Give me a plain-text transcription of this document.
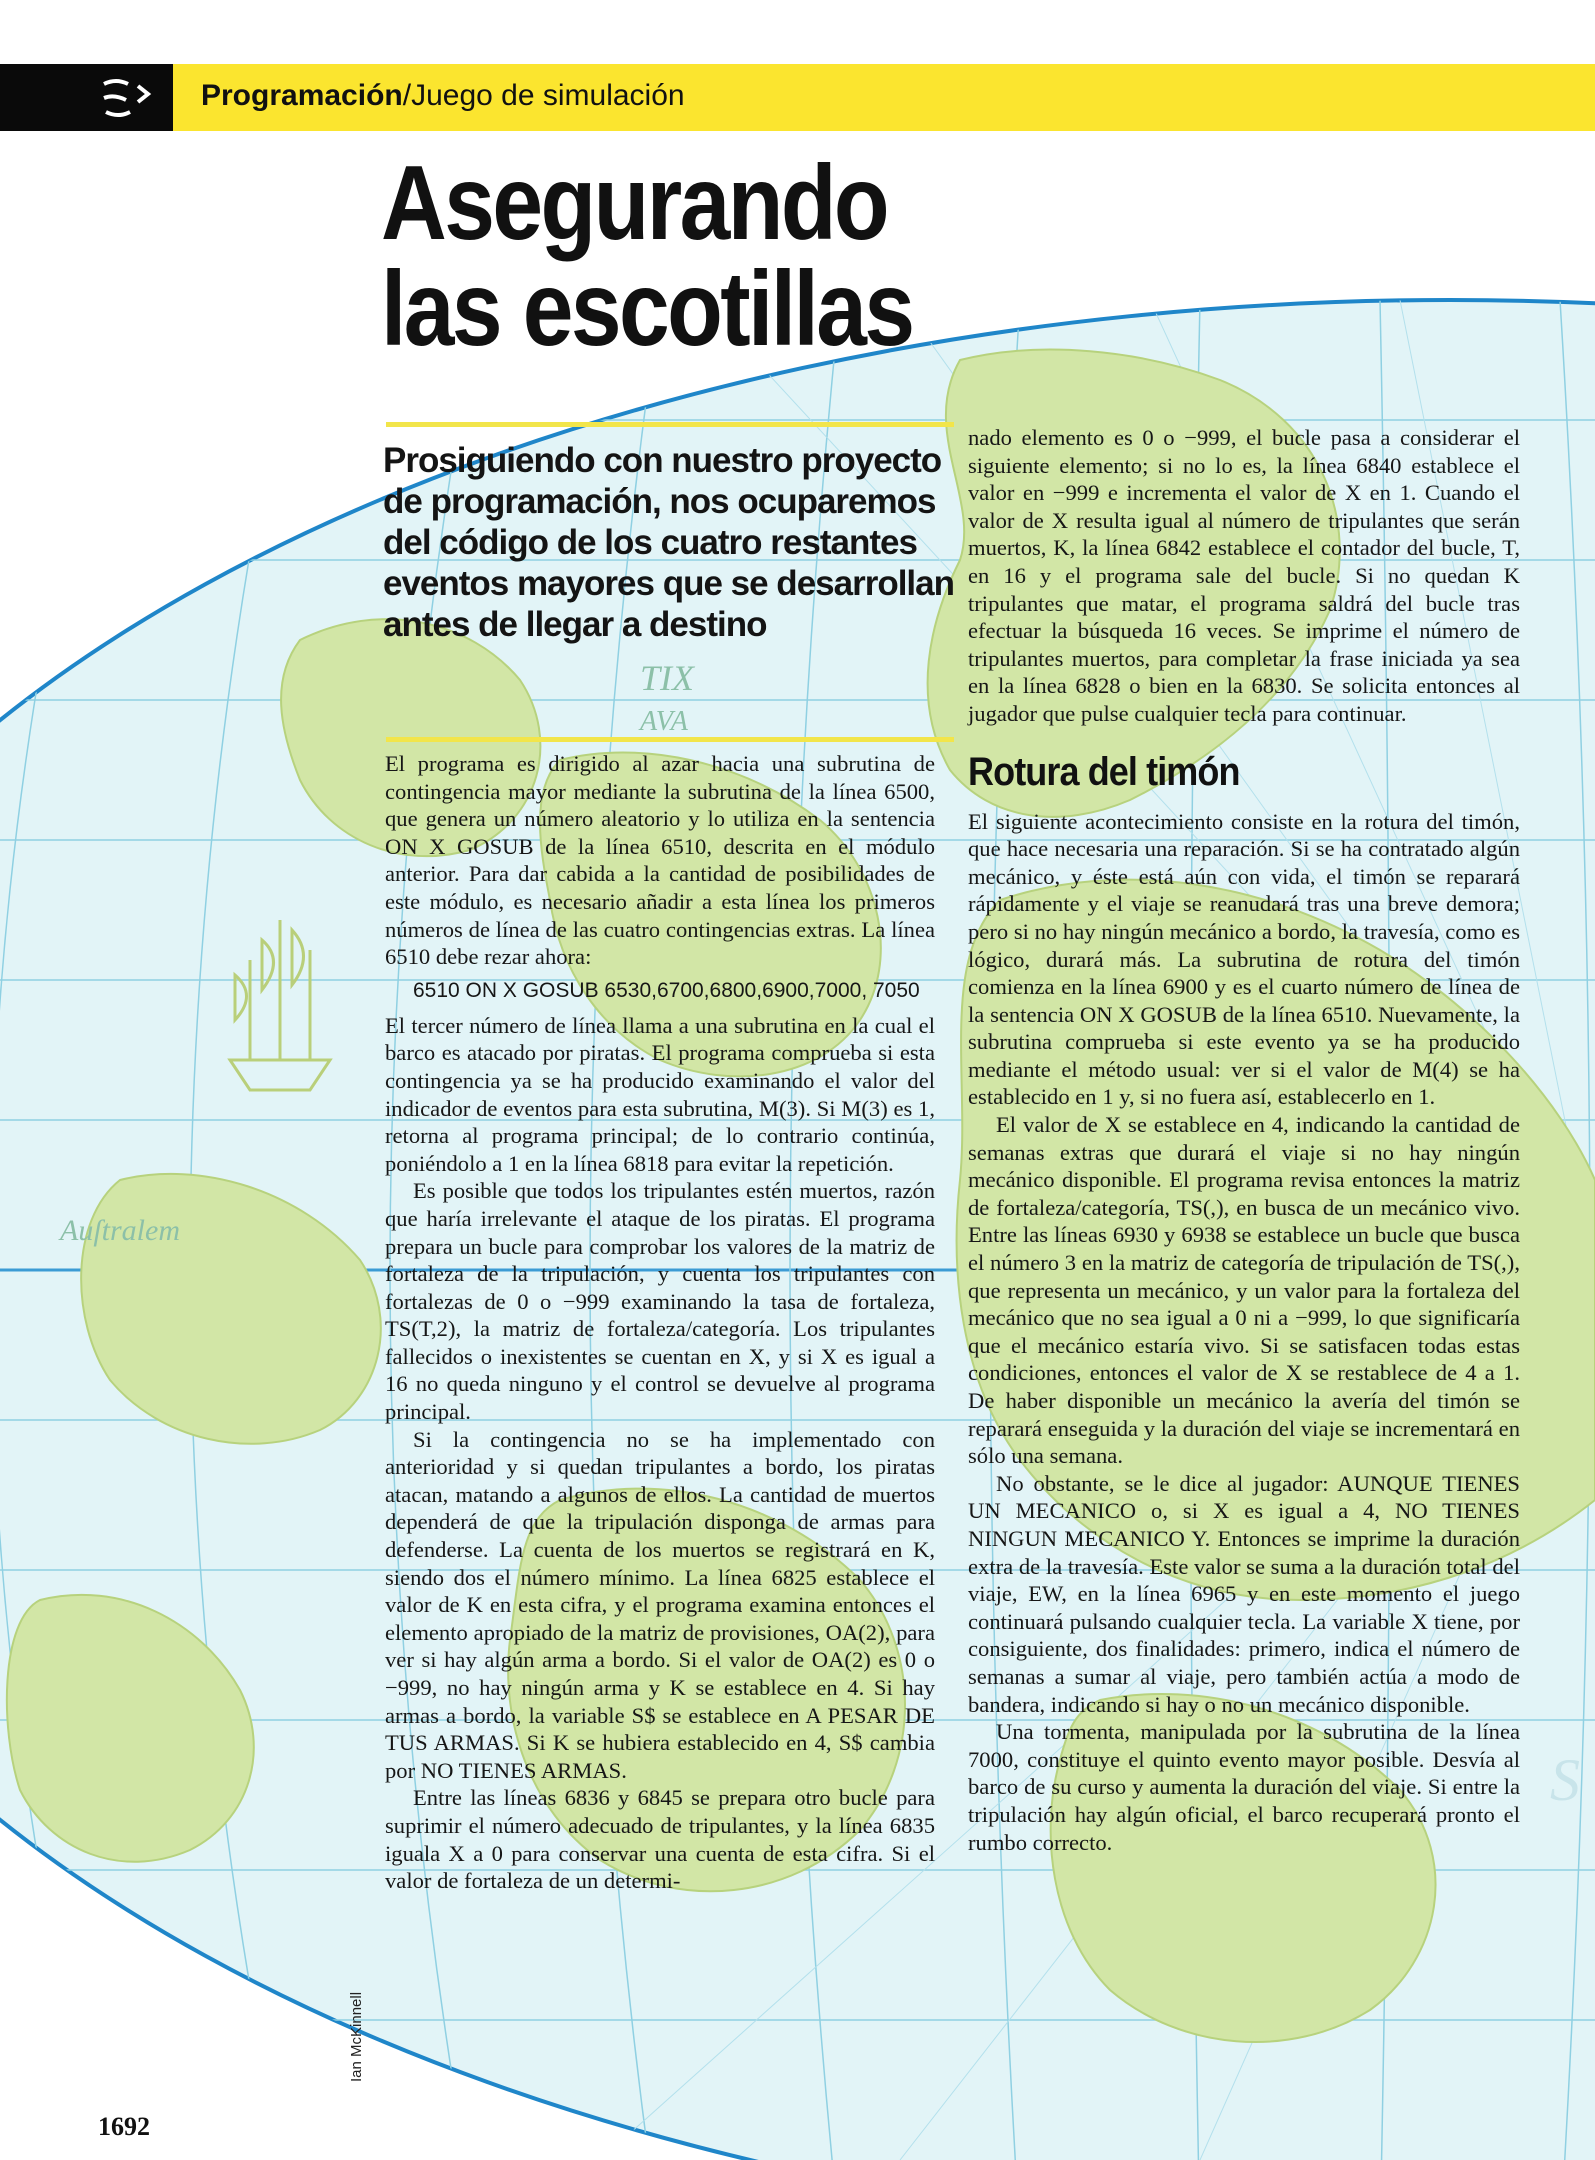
Auſtralem
TIX
AVA
S
Programación/Juego de simulación
Asegurando
las escotillas
Prosiguiendo con nuestro proyecto de programación, nos ocuparemos del código de los cuatro restantes eventos mayores que se desarrollan antes de llegar a destino

El programa es dirigido al azar hacia una subrutina de contingencia mayor mediante la subrutina de la línea 6500, que genera un número aleatorio y lo utiliza en la sentencia ON X GOSUB de la línea 6510, descrita en el módulo anterior. Para dar cabida a la cantidad de posibilidades de este módulo, es necesario añadir a esta línea los primeros números de línea de las cuatro contingencias extras. La línea 6510 debe rezar ahora:

6510 ON X GOSUB 6530,6700,6800,6900,7000, 7050

El tercer número de línea llama a una subrutina en la cual el barco es atacado por piratas. El programa comprueba si esta contingencia ya se ha producido examinando el valor del indicador de eventos para esta subrutina, M(3). Si M(3) es 1, retorna al programa principal; de lo contrario continúa, poniéndolo a 1 en la línea 6818 para evitar la repetición.

Es posible que todos los tripulantes estén muertos, razón que haría irrelevante el ataque de los piratas. El programa prepara un bucle para comprobar los valores de la matriz de fortaleza de la tripulación, y cuenta los tripulantes con fortalezas de 0 o −999 examinando la tasa de fortaleza, TS(T,2), la matriz de fortaleza/categoría. Los tripulantes fallecidos o inexistentes se cuentan en X, y si X es igual a 16 no queda ninguno y el control se devuelve al programa principal.

Si la contingencia no se ha implementado con anterioridad y si quedan tripulantes a bordo, los piratas atacan, matando a algunos de ellos. La cantidad de muertos dependerá de que la tripulación disponga de armas para defenderse. La cuenta de los muertos se registrará en K, siendo dos el número mínimo. La línea 6825 establece el valor de K en esta cifra, y el programa examina entonces el elemento apropiado de la matriz de provisiones, OA(2), para ver si hay algún arma a bordo. Si el valor de OA(2) es 0 o −999, no hay ningún arma y K se establece en 4. Si hay armas a bordo, la variable S$ se establece en A PESAR DE TUS ARMAS. Si K se hubiera establecido en 4, S$ cambia por NO TIENES ARMAS.

Entre las líneas 6836 y 6845 se prepara otro bucle para suprimir el número adecuado de tripulantes, y la línea 6835 iguala X a 0 para conservar una cuenta de esta cifra. Si el valor de fortaleza de un determi-

nado elemento es 0 o −999, el bucle pasa a considerar el siguiente elemento; si no lo es, la línea 6840 establece el valor en −999 e incrementa el valor de X en 1. Cuando el valor de X resulta igual al número de tripulantes que serán muertos, K, la línea 6842 establece el contador del bucle, T, en 16 y el programa sale del bucle. Si no quedan K tripulantes que matar, el programa saldrá del bucle tras efectuar la búsqueda 16 veces. Se imprime el número de tripulantes muertos, para completar la frase iniciada ya sea en la línea 6828 o bien en la 6830. Se solicita entonces al jugador que pulse cualquier tecla para continuar.

Rotura del timón

El siguiente acontecimiento consiste en la rotura del timón, que hace necesaria una reparación. Si se ha contratado algún mecánico, y éste está aún con vida, el timón se reparará rápidamente y el viaje se reanudará tras una breve demora; pero si no hay ningún mecánico a bordo, la travesía, como es lógico, durará más. La subrutina de rotura del timón comienza en la línea 6900 y es el cuarto número de línea de la sentencia ON X GOSUB de la línea 6510. Nuevamente, la subrutina comprueba si este evento ya se ha producido mediante el método usual: ver si el valor de M(4) se ha establecido en 1 y, si no fuera así, establecerlo en 1.

El valor de X se establece en 4, indicando la cantidad de semanas extras que durará el viaje si no hay ningún mecánico disponible. El programa revisa entonces la matriz de fortaleza/categoría, TS(,), en busca de un mecánico vivo. Entre las líneas 6930 y 6938 se establece un bucle que busca el número 3 en la matriz de categoría de tripulación de TS(,), que representa un mecánico, y un valor para la fortaleza del mecánico que no sea igual a 0 ni a −999, lo que significaría que el mecánico estaría vivo. Si se satisfacen todas estas condiciones, entonces el valor de X se restablece de 4 a 1. De haber disponible un mecánico la avería del timón se reparará enseguida y la duración del viaje se incrementará en sólo una semana.

No obstante, se le dice al jugador: AUNQUE TIENES UN MECANICO o, si X es igual a 4, NO TIENES NINGUN MECANICO Y. Entonces se imprime la duración extra de la travesía. Este valor se suma a la duración total del viaje, EW, en la línea 6965 y en este momento el juego continuará pulsando cualquier tecla. La variable X tiene, por consiguiente, dos finalidades: primero, indica el número de semanas a sumar al viaje, pero también actúa a modo de bandera, indicando si hay o no un mecánico disponible.

Una tormenta, manipulada por la subrutina de la línea 7000, constituye el quinto evento mayor posible. Desvía al barco de su curso y aumenta la duración del viaje. Si entre la tripulación hay algún oficial, el barco recuperará pronto el rumbo correcto.

Ian McKinnell
1692
